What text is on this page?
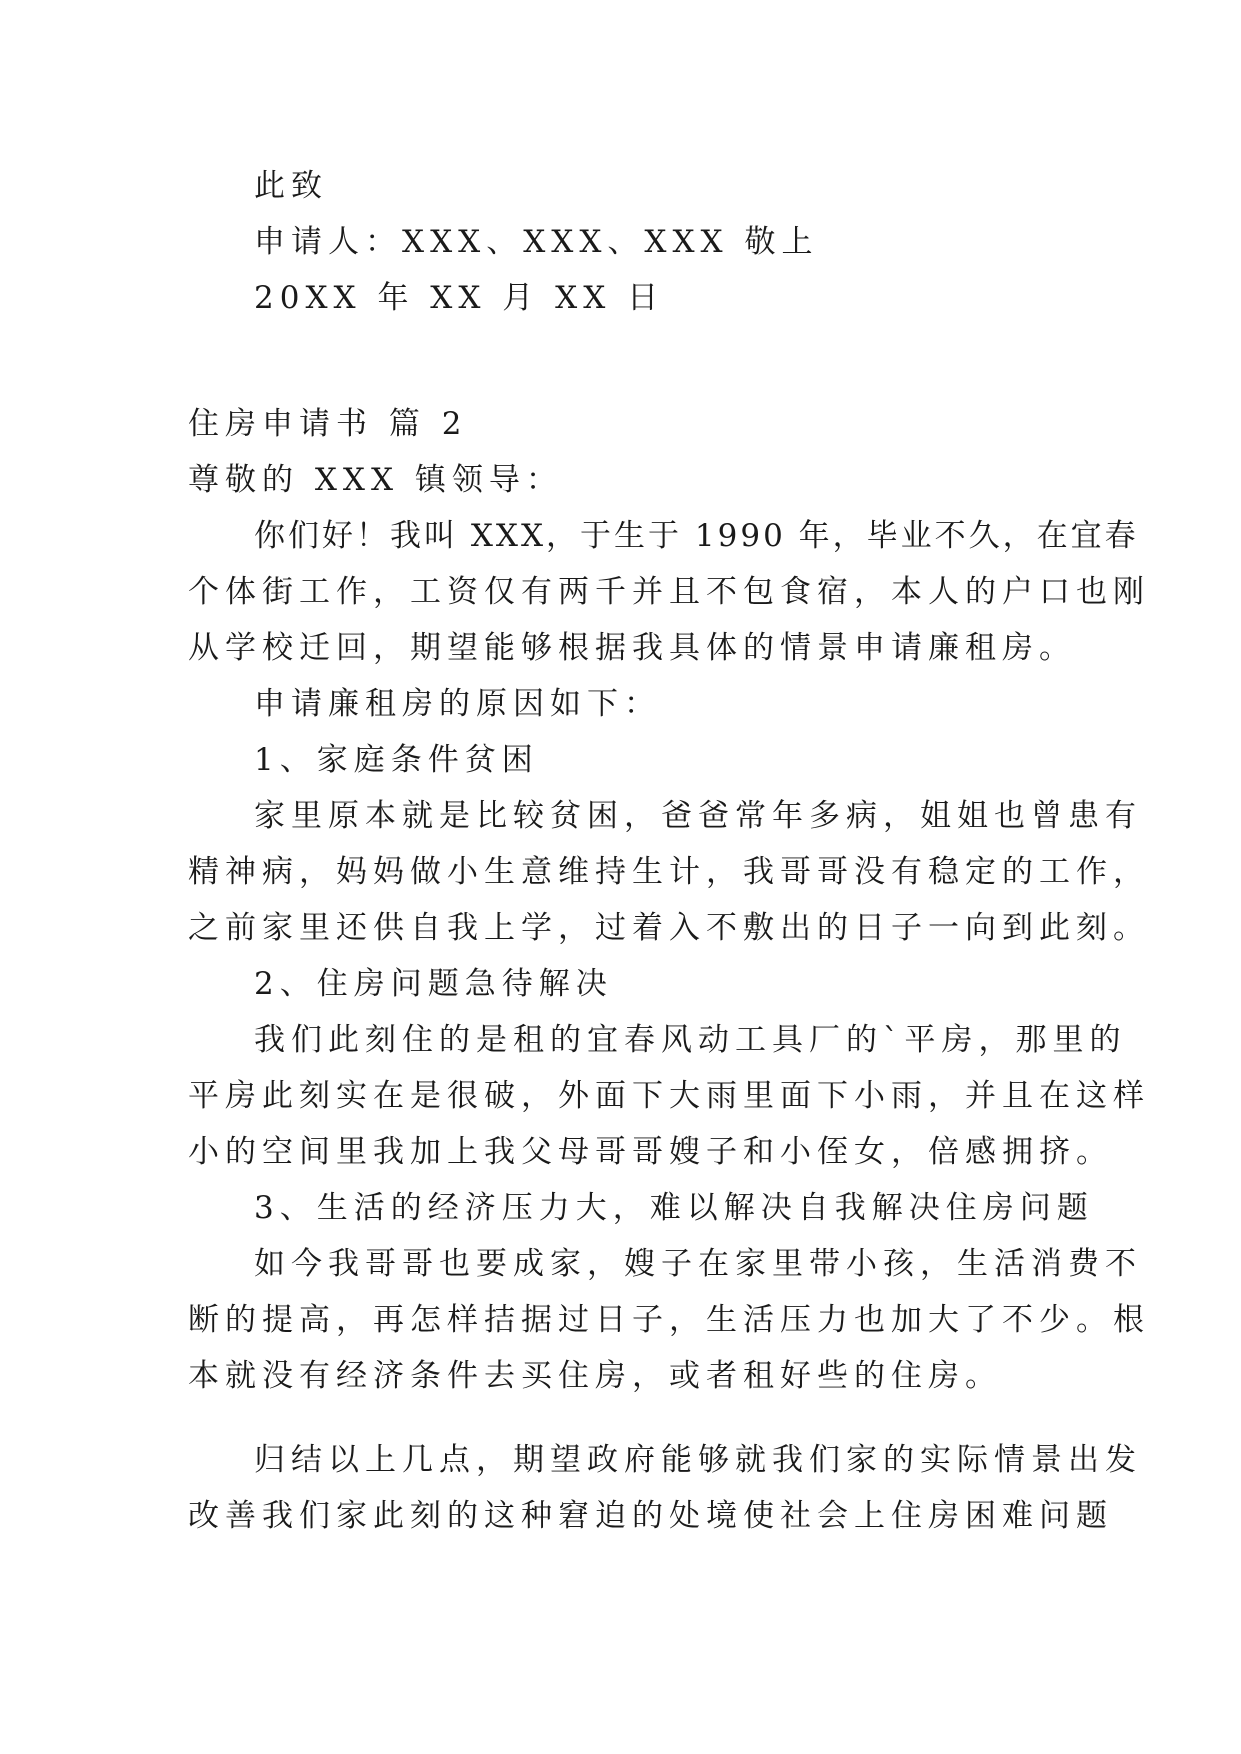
此致
申请人：XXX、XXX、XXX 敬上
20XX 年 XX 月 XX 日
住房申请书 篇 2
尊敬的 XXX 镇领导：
你们好！我叫 XXX，于生于 1990 年，毕业不久，在宜春
个体街工作，工资仅有两千并且不包食宿，本人的户口也刚
从学校迁回，期望能够根据我具体的情景申请廉租房。
申请廉租房的原因如下：
1、家庭条件贫困
家里原本就是比较贫困，爸爸常年多病，姐姐也曾患有
精神病，妈妈做小生意维持生计，我哥哥没有稳定的工作，
之前家里还供自我上学，过着入不敷出的日子一向到此刻。
2、住房问题急待解决
我们此刻住的是租的宜春风动工具厂的`平房，那里的
平房此刻实在是很破，外面下大雨里面下小雨，并且在这样
小的空间里我加上我父母哥哥嫂子和小侄女，倍感拥挤。
3、生活的经济压力大，难以解决自我解决住房问题
如今我哥哥也要成家，嫂子在家里带小孩，生活消费不
断的提高，再怎样拮据过日子，生活压力也加大了不少。根
本就没有经济条件去买住房，或者租好些的住房。
归结以上几点，期望政府能够就我们家的实际情景出发
改善我们家此刻的这种窘迫的处境使社会上住房困难问题
